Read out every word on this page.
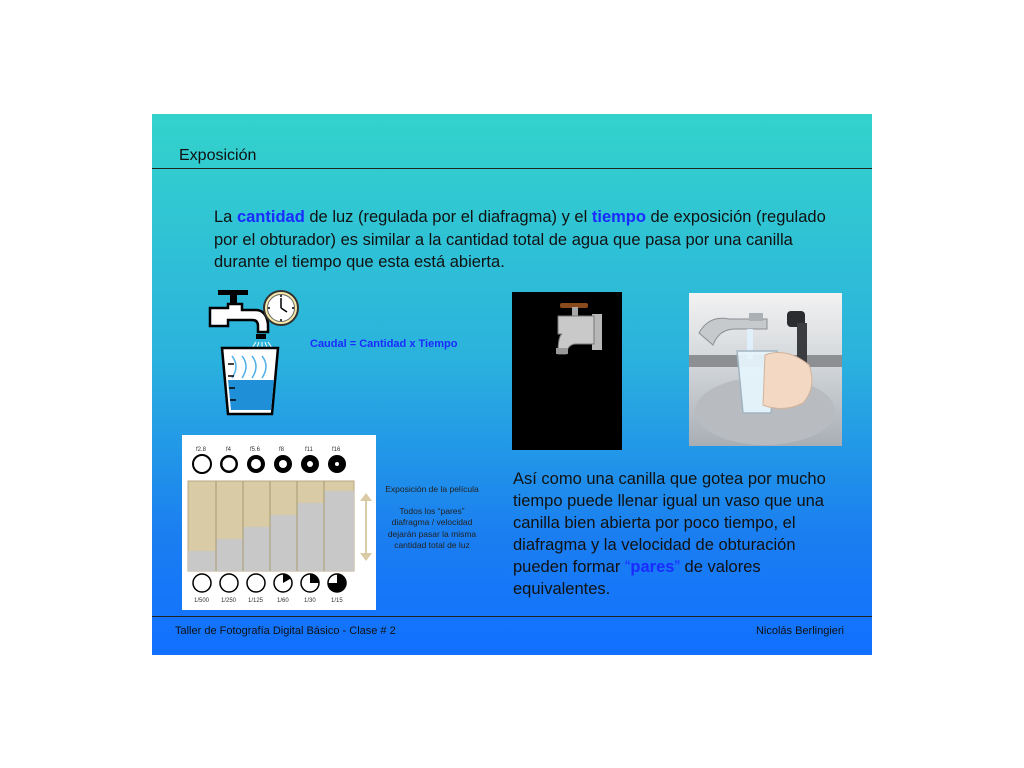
Exposición
La cantidad de luz (regulada por el diafragma) y el tiempo de exposición (regulado por el obturador) es similar a la cantidad total de agua que pasa por una canilla durante el tiempo que esta está abierta.
Caudal = Cantidad x Tiempo
f2.8	f4	f5.6	f8	f11	f16
1/500 1/250 1/125 1/60	1/30	1/15

Exposición de la película

Todos los “pares” diafragma / velocidad dejarán pasar la misma cantidad total de luz

Así como una canilla que gotea por mucho tiempo puede llenar igual un vaso que una canilla bien abierta por poco tiempo, el diafragma y la velocidad de obturación pueden formar “pares” de valores equivalentes.
Taller de Fotografía Digital Básico - Clase # 2	Nicolás Berlingieri
